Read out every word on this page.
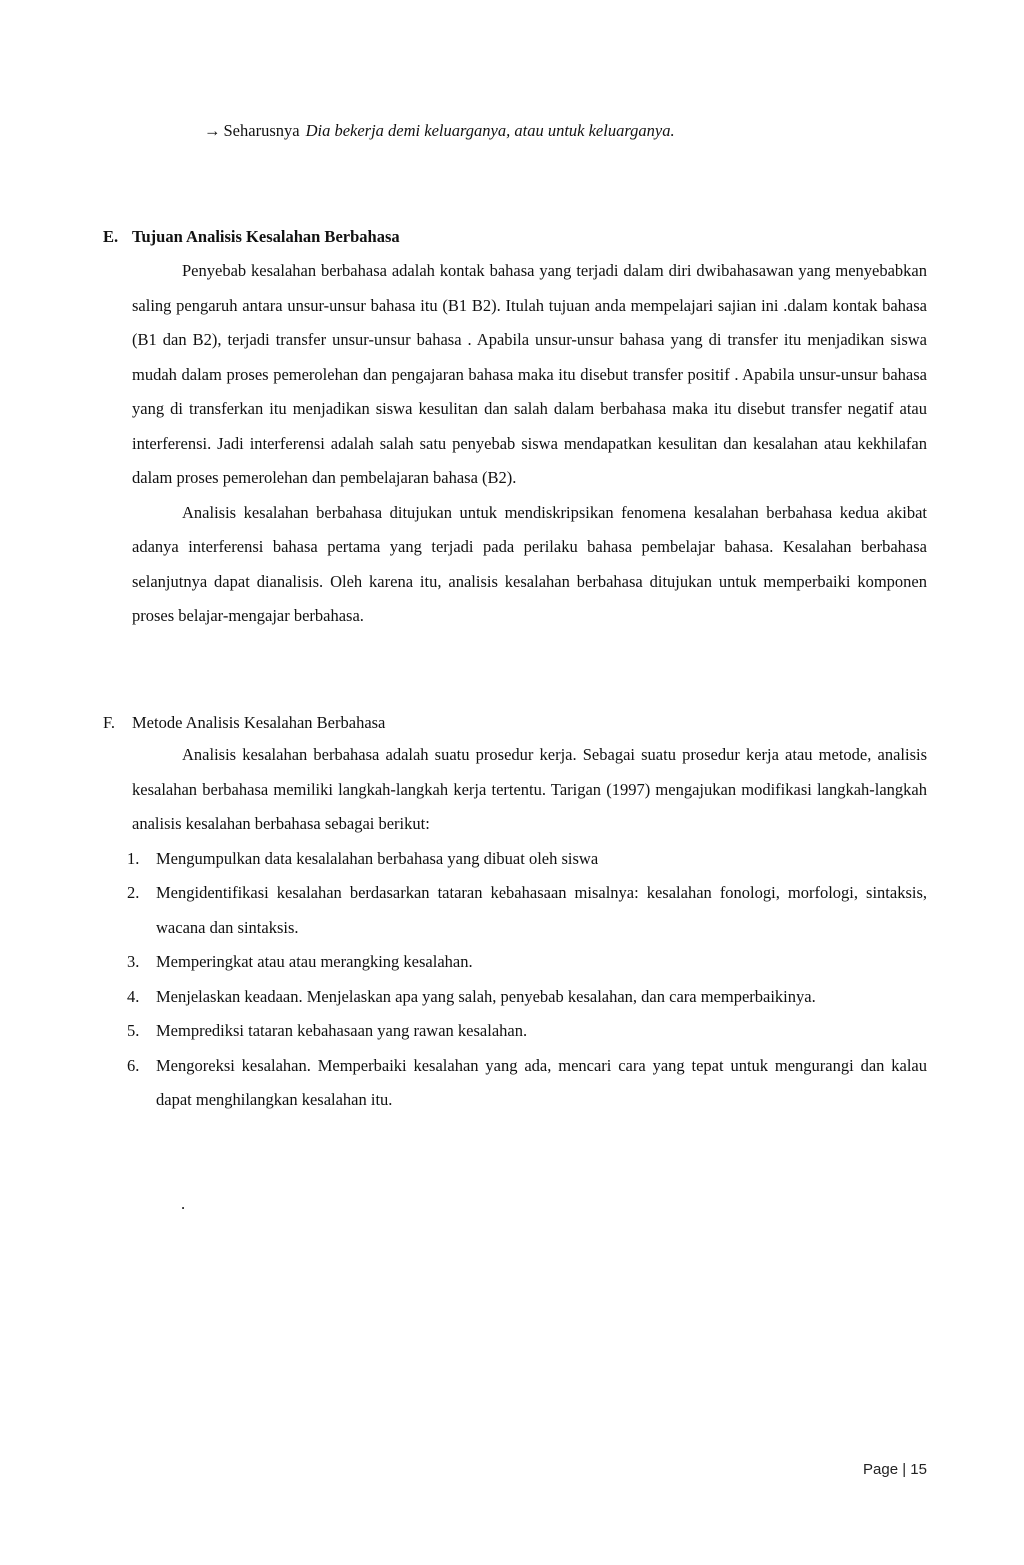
→ Seharusnya Dia bekerja demi keluarganya, atau untuk keluarganya.
E. Tujuan Analisis Kesalahan Berbahasa

Penyebab kesalahan berbahasa adalah kontak bahasa yang terjadi dalam diri dwibahasawan yang menyebabkan saling pengaruh antara unsur-unsur bahasa itu (B1 B2). Itulah tujuan anda mempelajari sajian ini .dalam kontak bahasa (B1 dan B2), terjadi transfer unsur-unsur bahasa . Apabila unsur-unsur bahasa yang di transfer itu menjadikan siswa mudah dalam proses pemerolehan dan pengajaran bahasa maka itu disebut transfer positif . Apabila unsur-unsur bahasa yang di transferkan itu menjadikan siswa kesulitan dan salah dalam berbahasa maka itu disebut transfer negatif atau interferensi. Jadi interferensi adalah salah satu penyebab siswa mendapatkan kesulitan dan kesalahan atau kekhilafan dalam proses pemerolehan dan pembelajaran bahasa (B2).

Analisis kesalahan berbahasa ditujukan untuk mendiskripsikan fenomena kesalahan berbahasa kedua akibat adanya interferensi bahasa pertama yang terjadi pada perilaku bahasa pembelajar bahasa. Kesalahan berbahasa selanjutnya dapat dianalisis. Oleh karena itu, analisis kesalahan berbahasa ditujukan untuk memperbaiki komponen proses belajar-mengajar berbahasa.

F.	Metode Analisis Kesalahan Berbahasa

Analisis kesalahan berbahasa adalah suatu prosedur kerja. Sebagai suatu prosedur kerja atau metode, analisis kesalahan berbahasa memiliki langkah-langkah kerja tertentu. Tarigan (1997) mengajukan modifikasi langkah-langkah analisis kesalahan berbahasa sebagai berikut:

1.	Mengumpulkan data kesalalahan berbahasa yang dibuat oleh siswa
2.	Mengidentifikasi kesalahan berdasarkan tataran kebahasaan misalnya: kesalahan fonologi, morfologi, sintaksis, wacana dan sintaksis.
3.	Memperingkat atau atau merangking kesalahan.
4.	Menjelaskan keadaan. Menjelaskan apa yang salah, penyebab kesalahan, dan cara memperbaikinya.
5.	Memprediksi tataran kebahasaan yang rawan kesalahan.
6.	Mengoreksi kesalahan. Memperbaiki kesalahan yang ada, mencari cara yang tepat untuk mengurangi dan kalau dapat menghilangkan kesalahan itu.
.
Page | 15
